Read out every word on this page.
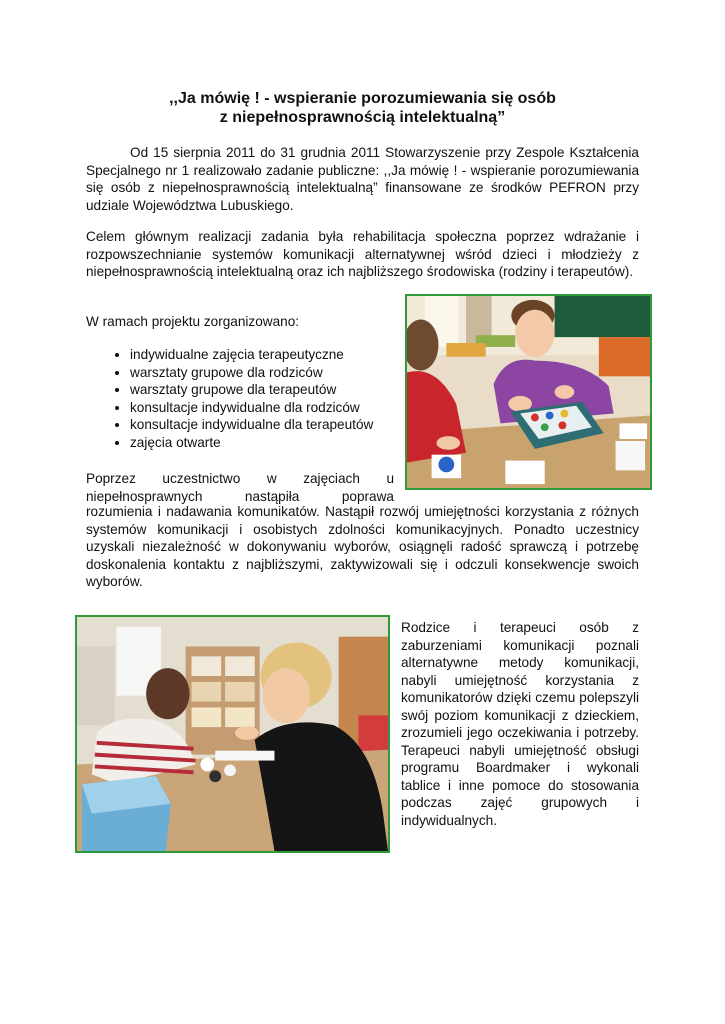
,,Ja mówię ! - wspieranie porozumiewania się osób
z niepełnosprawnością intelektualną”

Od 15 sierpnia 2011 do 31 grudnia 2011 Stowarzyszenie przy Zespole Kształcenia Specjalnego nr 1 realizowało zadanie publiczne: ,,Ja mówię ! - wspieranie porozumiewania się osób z niepełnosprawnością intelektualną” finansowane ze środków PEFRON przy udziale Województwa Lubuskiego.

Celem głównym realizacji zadania była rehabilitacja społeczna poprzez wdrażanie i rozpowszechnianie systemów komunikacji alternatywnej wśród dzieci i młodzieży z niepełnosprawnością intelektualną oraz ich najbliższego środowiska (rodziny i terapeutów).

W ramach projektu zorganizowano:

• indywidualne zajęcia terapeutyczne
• warsztaty grupowe dla rodziców
• warsztaty grupowe dla terapeutów
• konsultacje indywidualne dla rodziców
• konsultacje indywidualne dla terapeutów
• zajęcia otwarte

Poprzez uczestnictwo w zajęciach u niepełnosprawnych nastąpiła poprawa

rozumienia i nadawania komunikatów. Nastąpił rozwój umiejętności korzystania z różnych systemów komunikacji i osobistych zdolności komunikacyjnych. Ponadto uczestnicy uzyskali niezależność w dokonywaniu wyborów, osiągnęli radość sprawczą i potrzebę doskonalenia kontaktu z najbliższymi, zaktywizowali się i odczuli konsekwencje swoich wyborów.

Rodzice i terapeuci osób z zaburzeniami komunikacji poznali alternatywne metody komunikacji, nabyli umiejętność korzystania z komunikatorów dzięki czemu polepszyli swój poziom komunikacji z dzieckiem, zrozumieli jego oczekiwania i potrzeby. Terapeuci nabyli umiejętność obsługi programu Boardmaker i wykonali tablice i inne pomoce do stosowania podczas zajęć grupowych i indywidualnych.
